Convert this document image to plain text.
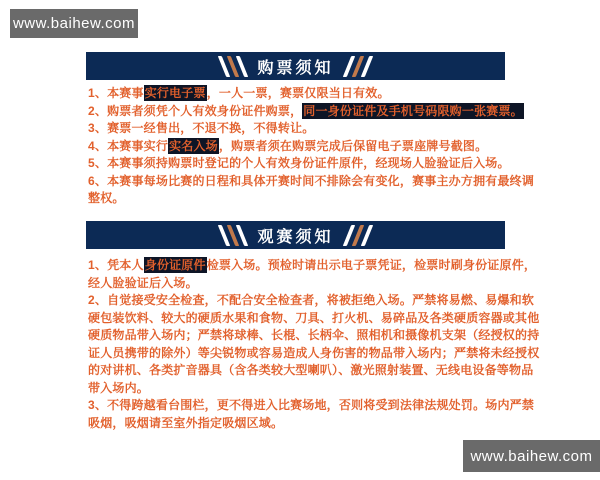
www.baihew.com
购票须知
1、本赛事实行电子票，一人一票，赛票仅限当日有效。
2、购票者须凭个人有效身份证件购票，同一身份证件及手机号码限购一张赛票。
3、赛票一经售出，不退不换，不得转让。
4、本赛事实行实名入场，购票者须在购票完成后保留电子票座牌号截图。
5、本赛事须持购票时登记的个人有效身份证件原件，经现场人脸验证后入场。
6、本赛事每场比赛的日程和具体开赛时间不排除会有变化，赛事主办方拥有最终调
整权。
观赛须知
1、凭本人身份证原件检票入场。预检时请出示电子票凭证，检票时刷身份证原件，
经人脸验证后入场。
2、自觉接受安全检查，不配合安全检查者，将被拒绝入场。严禁将易燃、易爆和软
硬包装饮料、较大的硬质水果和食物、刀具、打火机、易碎品及各类硬质容器或其他
硬质物品带入场内；严禁将球棒、长棍、长柄伞、照相机和摄像机支架（经授权的持
证人员携带的除外）等尖锐物或容易造成人身伤害的物品带入场内；严禁将未经授权
的对讲机、各类扩音器具（含各类较大型喇叭）、激光照射装置、无线电设备等物品
带入场内。
3、不得跨越看台围栏，更不得进入比赛场地，否则将受到法律法规处罚。场内严禁
吸烟，吸烟请至室外指定吸烟区域。
www.baihew.com
